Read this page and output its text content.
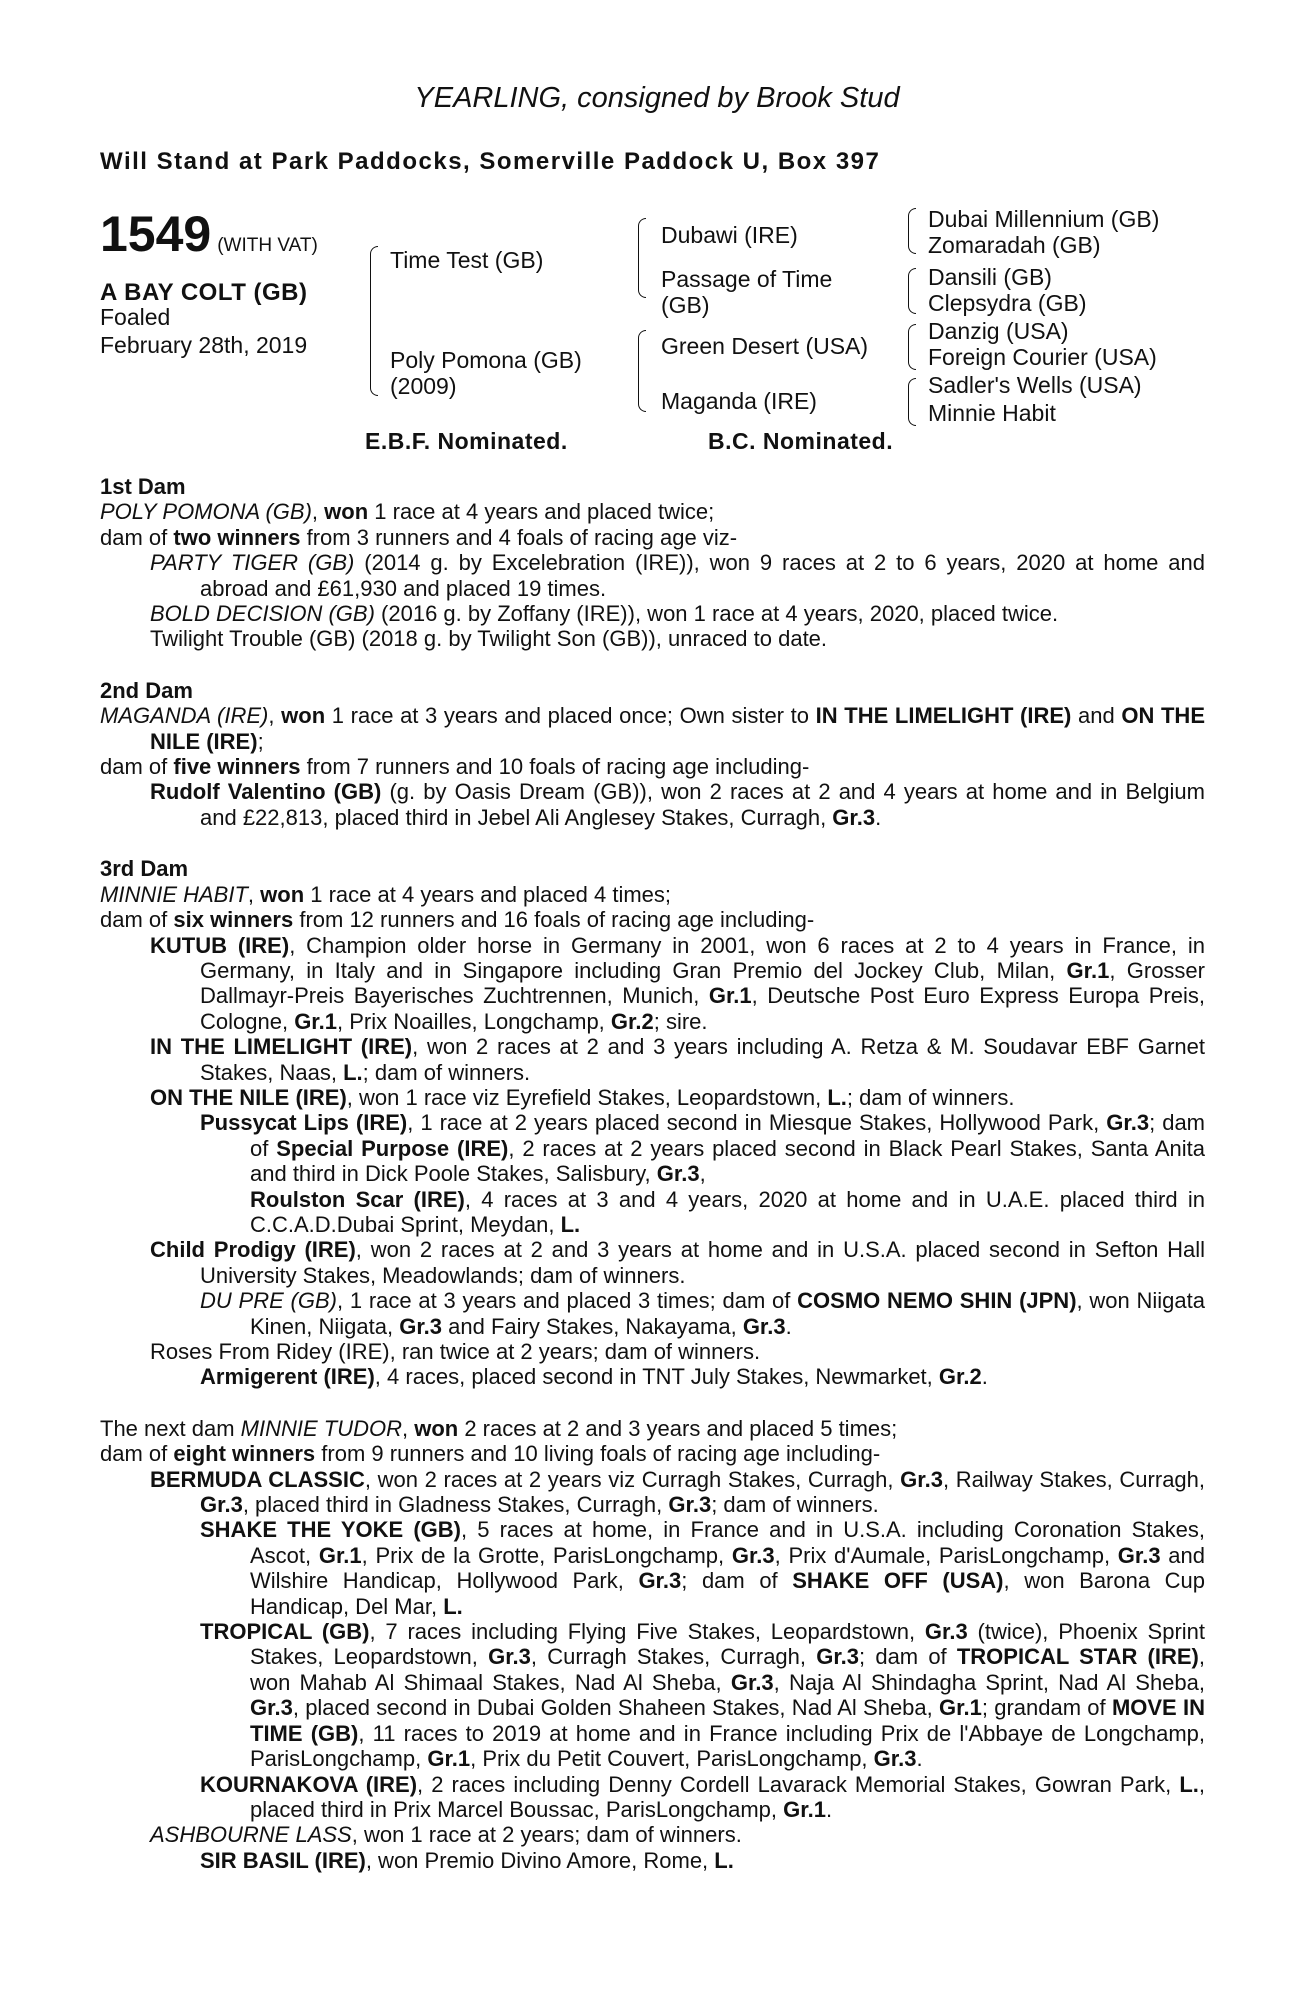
YEARLING, consigned by Brook Stud
Will Stand at Park Paddocks, Somerville Paddock U, Box 397
1549 (WITH VAT)
A BAY COLT (GB)
Foaled
February 28th, 2019
Time Test (GB)
Poly Pomona (GB)
(2009)
Dubawi (IRE)
Passage of Time
(GB)
Green Desert (USA)
Maganda (IRE)
Dubai Millennium (GB)
Zomaradah (GB)
Dansili (GB)
Clepsydra (GB)
Danzig (USA)
Foreign Courier (USA)
Sadler's Wells (USA)
Minnie Habit
E.B.F. Nominated.	B.C. Nominated.

1st Dam

POLY POMONA (GB), won 1 race at 4 years and placed twice;

dam of two winners from 3 runners and 4 foals of racing age viz-

PARTY TIGER (GB) (2014 g. by Excelebration (IRE)), won 9 races at 2 to 6 years, 2020 at home and abroad and £61,930 and placed 19 times.

BOLD DECISION (GB) (2016 g. by Zoffany (IRE)), won 1 race at 4 years, 2020, placed twice.

Twilight Trouble (GB) (2018 g. by Twilight Son (GB)), unraced to date.

2nd Dam

MAGANDA (IRE), won 1 race at 3 years and placed once; Own sister to IN THE LIMELIGHT (IRE) and ON THE NILE (IRE);

dam of five winners from 7 runners and 10 foals of racing age including-

Rudolf Valentino (GB) (g. by Oasis Dream (GB)), won 2 races at 2 and 4 years at home and in Belgium and £22,813, placed third in Jebel Ali Anglesey Stakes, Curragh, Gr.3.

3rd Dam

MINNIE HABIT, won 1 race at 4 years and placed 4 times;

dam of six winners from 12 runners and 16 foals of racing age including-

KUTUB (IRE), Champion older horse in Germany in 2001, won 6 races at 2 to 4 years in France, in Germany, in Italy and in Singapore including Gran Premio del Jockey Club, Milan, Gr.1, Grosser Dallmayr-Preis Bayerisches Zuchtrennen, Munich, Gr.1, Deutsche Post Euro Express Europa Preis, Cologne, Gr.1, Prix Noailles, Longchamp, Gr.2; sire.

IN THE LIMELIGHT (IRE), won 2 races at 2 and 3 years including A. Retza & M. Soudavar EBF Garnet Stakes, Naas, L.; dam of winners.

ON THE NILE (IRE), won 1 race viz Eyrefield Stakes, Leopardstown, L.; dam of winners.

Pussycat Lips (IRE), 1 race at 2 years placed second in Miesque Stakes, Hollywood Park, Gr.3; dam of Special Purpose (IRE), 2 races at 2 years placed second in Black Pearl Stakes, Santa Anita and third in Dick Poole Stakes, Salisbury, Gr.3,
Roulston Scar (IRE), 4 races at 3 and 4 years, 2020 at home and in U.A.E. placed third in C.C.A.D.Dubai Sprint, Meydan, L.

Child Prodigy (IRE), won 2 races at 2 and 3 years at home and in U.S.A. placed second in Sefton Hall University Stakes, Meadowlands; dam of winners.

DU PRE (GB), 1 race at 3 years and placed 3 times; dam of COSMO NEMO SHIN (JPN), won Niigata Kinen, Niigata, Gr.3 and Fairy Stakes, Nakayama, Gr.3.

Roses From Ridey (IRE), ran twice at 2 years; dam of winners.

Armigerent (IRE), 4 races, placed second in TNT July Stakes, Newmarket, Gr.2.

The next dam MINNIE TUDOR, won 2 races at 2 and 3 years and placed 5 times;

dam of eight winners from 9 runners and 10 living foals of racing age including-

BERMUDA CLASSIC, won 2 races at 2 years viz Curragh Stakes, Curragh, Gr.3, Railway Stakes, Curragh, Gr.3, placed third in Gladness Stakes, Curragh, Gr.3; dam of winners.

SHAKE THE YOKE (GB), 5 races at home, in France and in U.S.A. including Coronation Stakes, Ascot, Gr.1, Prix de la Grotte, ParisLongchamp, Gr.3, Prix d'Aumale, ParisLongchamp, Gr.3 and Wilshire Handicap, Hollywood Park, Gr.3; dam of SHAKE OFF (USA), won Barona Cup Handicap, Del Mar, L.

TROPICAL (GB), 7 races including Flying Five Stakes, Leopardstown, Gr.3 (twice), Phoenix Sprint Stakes, Leopardstown, Gr.3, Curragh Stakes, Curragh, Gr.3; dam of TROPICAL STAR (IRE), won Mahab Al Shimaal Stakes, Nad Al Sheba, Gr.3, Naja Al Shindagha Sprint, Nad Al Sheba, Gr.3, placed second in Dubai Golden Shaheen Stakes, Nad Al Sheba, Gr.1; grandam of MOVE IN TIME (GB), 11 races to 2019 at home and in France including Prix de l'Abbaye de Longchamp, ParisLongchamp, Gr.1, Prix du Petit Couvert, ParisLongchamp, Gr.3.

KOURNAKOVA (IRE), 2 races including Denny Cordell Lavarack Memorial Stakes, Gowran Park, L., placed third in Prix Marcel Boussac, ParisLongchamp, Gr.1.

ASHBOURNE LASS, won 1 race at 2 years; dam of winners.

SIR BASIL (IRE), won Premio Divino Amore, Rome, L.
